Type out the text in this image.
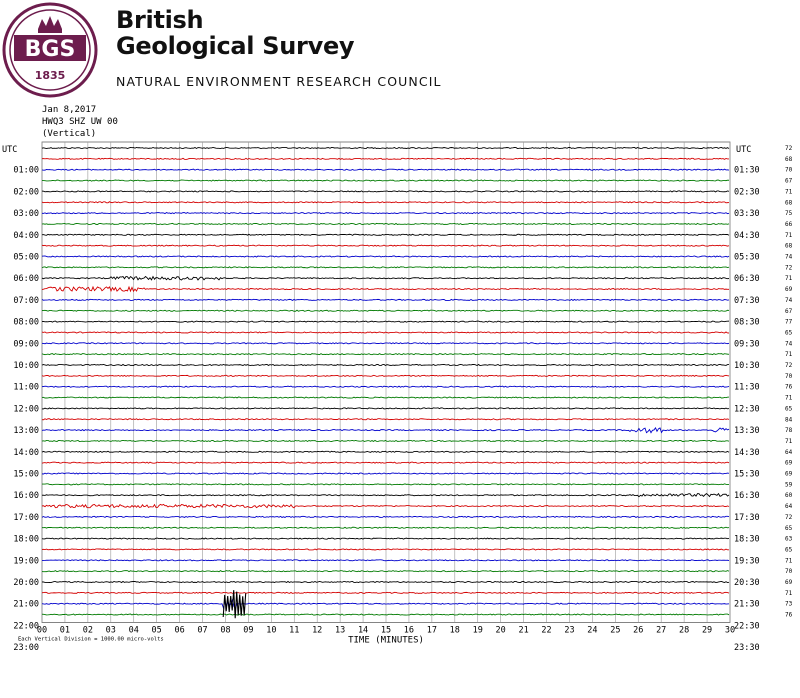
BGS
1835
British
Geological Survey
NATURAL ENVIRONMENT RESEARCH COUNCIL
Jan 8,2017
HWQ3 SHZ UW 00
(Vertical)
UTC	UTC
01:00
02:00
03:00
04:00
05:00
06:00
07:00
08:00
09:00
10:00
11:00
12:00
13:00
14:00
15:00
16:00
17:00
18:00
19:00
20:00
21:00
22:00
23:00
01:30
02:30
03:30
04:30
05:30
06:30
07:30
08:30
09:30
10:30
11:30
12:30
13:30
14:30
15:30
16:30
17:30
18:30
19:30
20:30
21:30
22:30
23:30
72
68
70
67
71
68
75
66
71
68
74
72
71
69
74
67
77
65
74
71
72
70
76
71
65
84
78
71
64
69
69
59
60
64
72
65
63
65
71
70
69
71
73
76
00 01 02 03 04 05 06 07 08 09 10 11 12 13 14 15 16 17 18 19 20 21 22 23 24 25 26 27 28 29 30
TIME (MINUTES)
Each Vertical Division = 1000.00 micro-volts
